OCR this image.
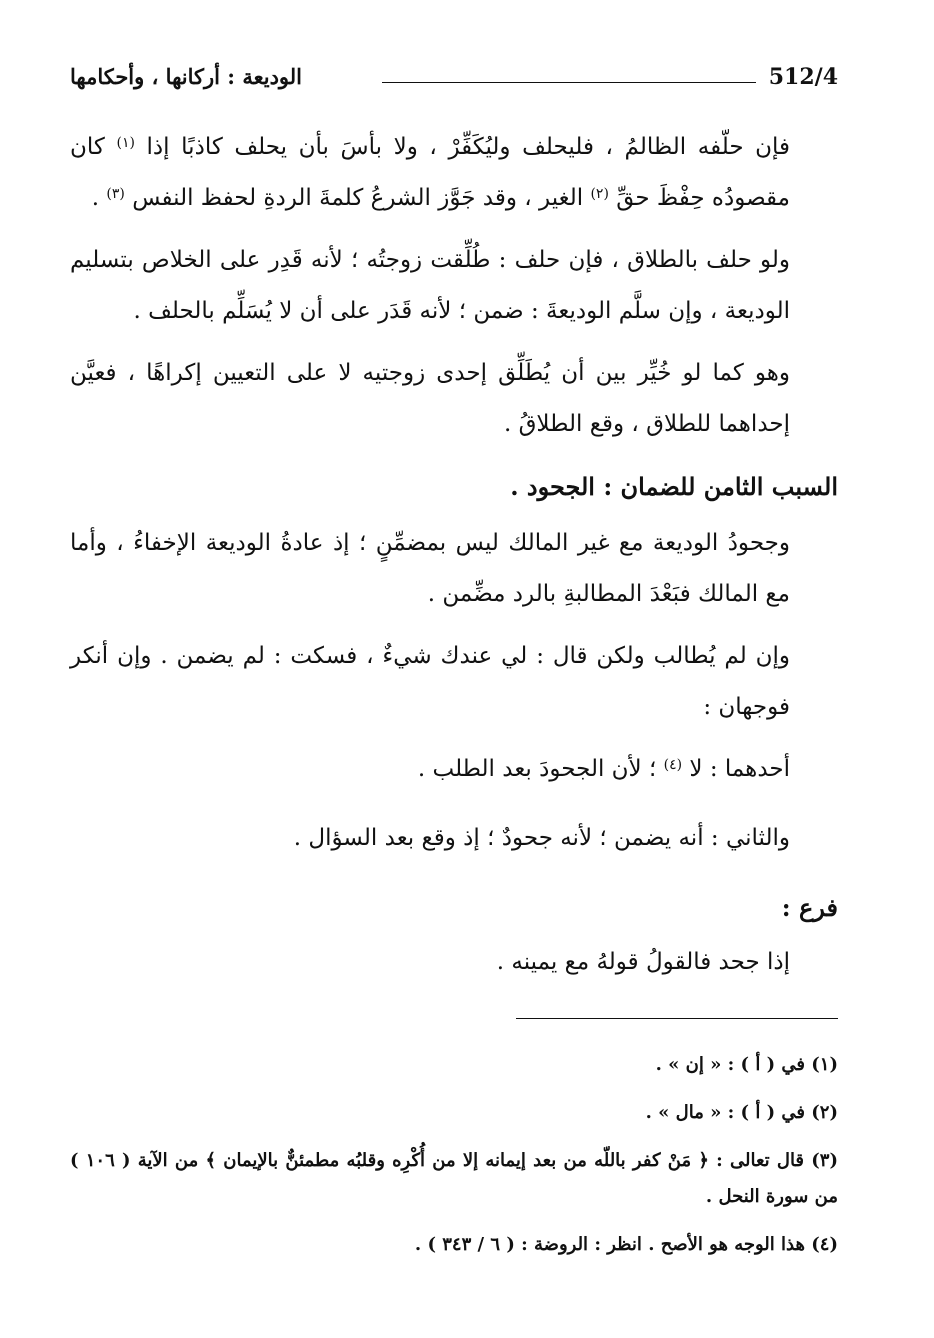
512/4
الوديعة : أركانها ، وأحكامها

فإن حلّفه الظالمُ ، فليحلف وليُكَفِّرْ ، ولا بأسَ بأن يحلف كاذبًا إذا $^{(١)}$ كان مقصودُه حِفْظَ حقِّ $^{(٢)}$ الغير ، وقد جَوَّز الشرعُ كلمةَ الردةِ لحفظ النفس $^{(٣)}$ .

ولو حلف بالطلاق ، فإن حلف : طُلِّقت زوجتُه ؛ لأنه قَدِر على الخلاص بتسليم الوديعة ، وإن سلَّم الوديعةَ : ضمن ؛ لأنه قَدَر على أن لا يُسَلِّم بالحلف .

وهو كما لو خُيِّر بين أن يُطَلِّق إحدى زوجتيه لا على التعيين إكراهًا ، فعيَّن إحداهما للطلاق ، وقع الطلاقُ .

السبب الثامن للضمان : الجحود .

وجحودُ الوديعة مع غير المالك ليس بمضمِّنٍ ؛ إذ عادةُ الوديعة الإخفاءُ ، وأما مع المالك فبَعْدَ المطالبةِ بالرد مضِّمن .

وإن لم يُطالب ولكن قال : لي عندك شيءٌ ، فسكت : لم يضمن . وإن أنكر فوجهان :

أحدهما : لا $^{(٤)}$ ؛ لأن الجحودَ بعد الطلب .

والثاني : أنه يضمن ؛ لأنه جحودٌ ؛ إذ وقع بعد السؤال .

فرع :

إذا جحد فالقولُ قولهُ مع يمينه .

(١) في ( أ ) : « إن » .

(٢) في ( أ ) : « مال » .

(٣) قال تعالى : ﴿ مَنْ كفر باللّه من بعد إيمانه إلا من أُكْرِه وقلبُه مطمئنٌّ بالإيمان ﴾ من الآية ( ١٠٦ ) من سورة النحل .

(٤) هذا الوجه هو الأصح . انظر : الروضة : ( ٦ / ٣٤٣ ) .
